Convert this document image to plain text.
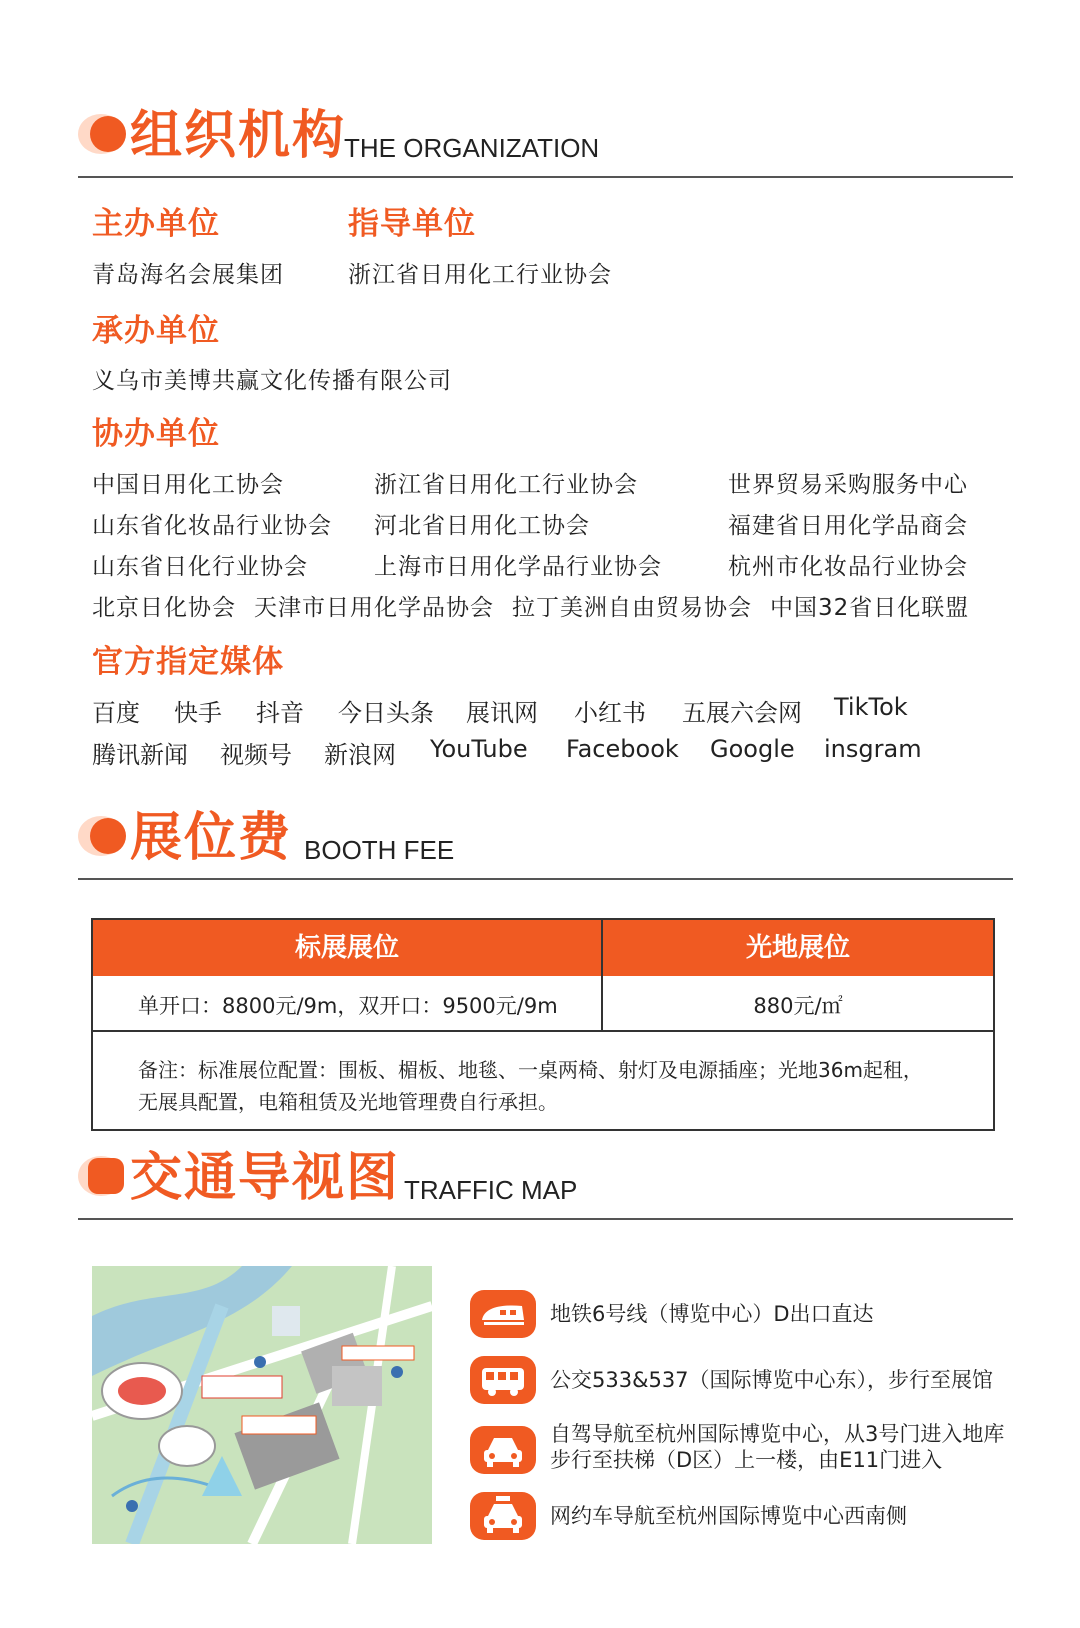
组织机构
THE ORGANIZATION
主办单位
青岛海名会展集团
指导单位
浙江省日用化工行业协会
承办单位
义乌市美博共赢文化传播有限公司
协办单位
中国日用化工协会	浙江省日用化工行业协会	世界贸易采购服务中心
山东省化妆品行业协会 河北省日用化工协会	福建省日用化学品商会
山东省日化行业协会	上海市日用化学品行业协会	杭州市化妆品行业协会
北京日化协会 天津市日用化学品协会 拉丁美洲自由贸易协会 中国32省日化联盟
官方指定媒体
百度 快手 抖音 今日头条 展讯网 小红书 五展六会网 TikTok
腾讯新闻 视频号 新浪网 YouTube Facebook Google insgram
展位费 BOOTH FEE
标展展位	光地展位
单开口：8800元/9m，双开口：9500元/9m	880元/㎡
备注：标准展位配置：围板、楣板、地毯、一桌两椅、射灯及电源插座；光地36m起租，
无展具配置，电箱租赁及光地管理费自行承担。
交通导视图 TRAFFIC MAP
地铁6号线（博览中心）D出口直达
公交533&537（国际博览中心东），步行至展馆
自驾导航至杭州国际博览中心，从3号门进入地库
步行至扶梯（D区）上一楼，由E11门进入
网约车导航至杭州国际博览中心西南侧
